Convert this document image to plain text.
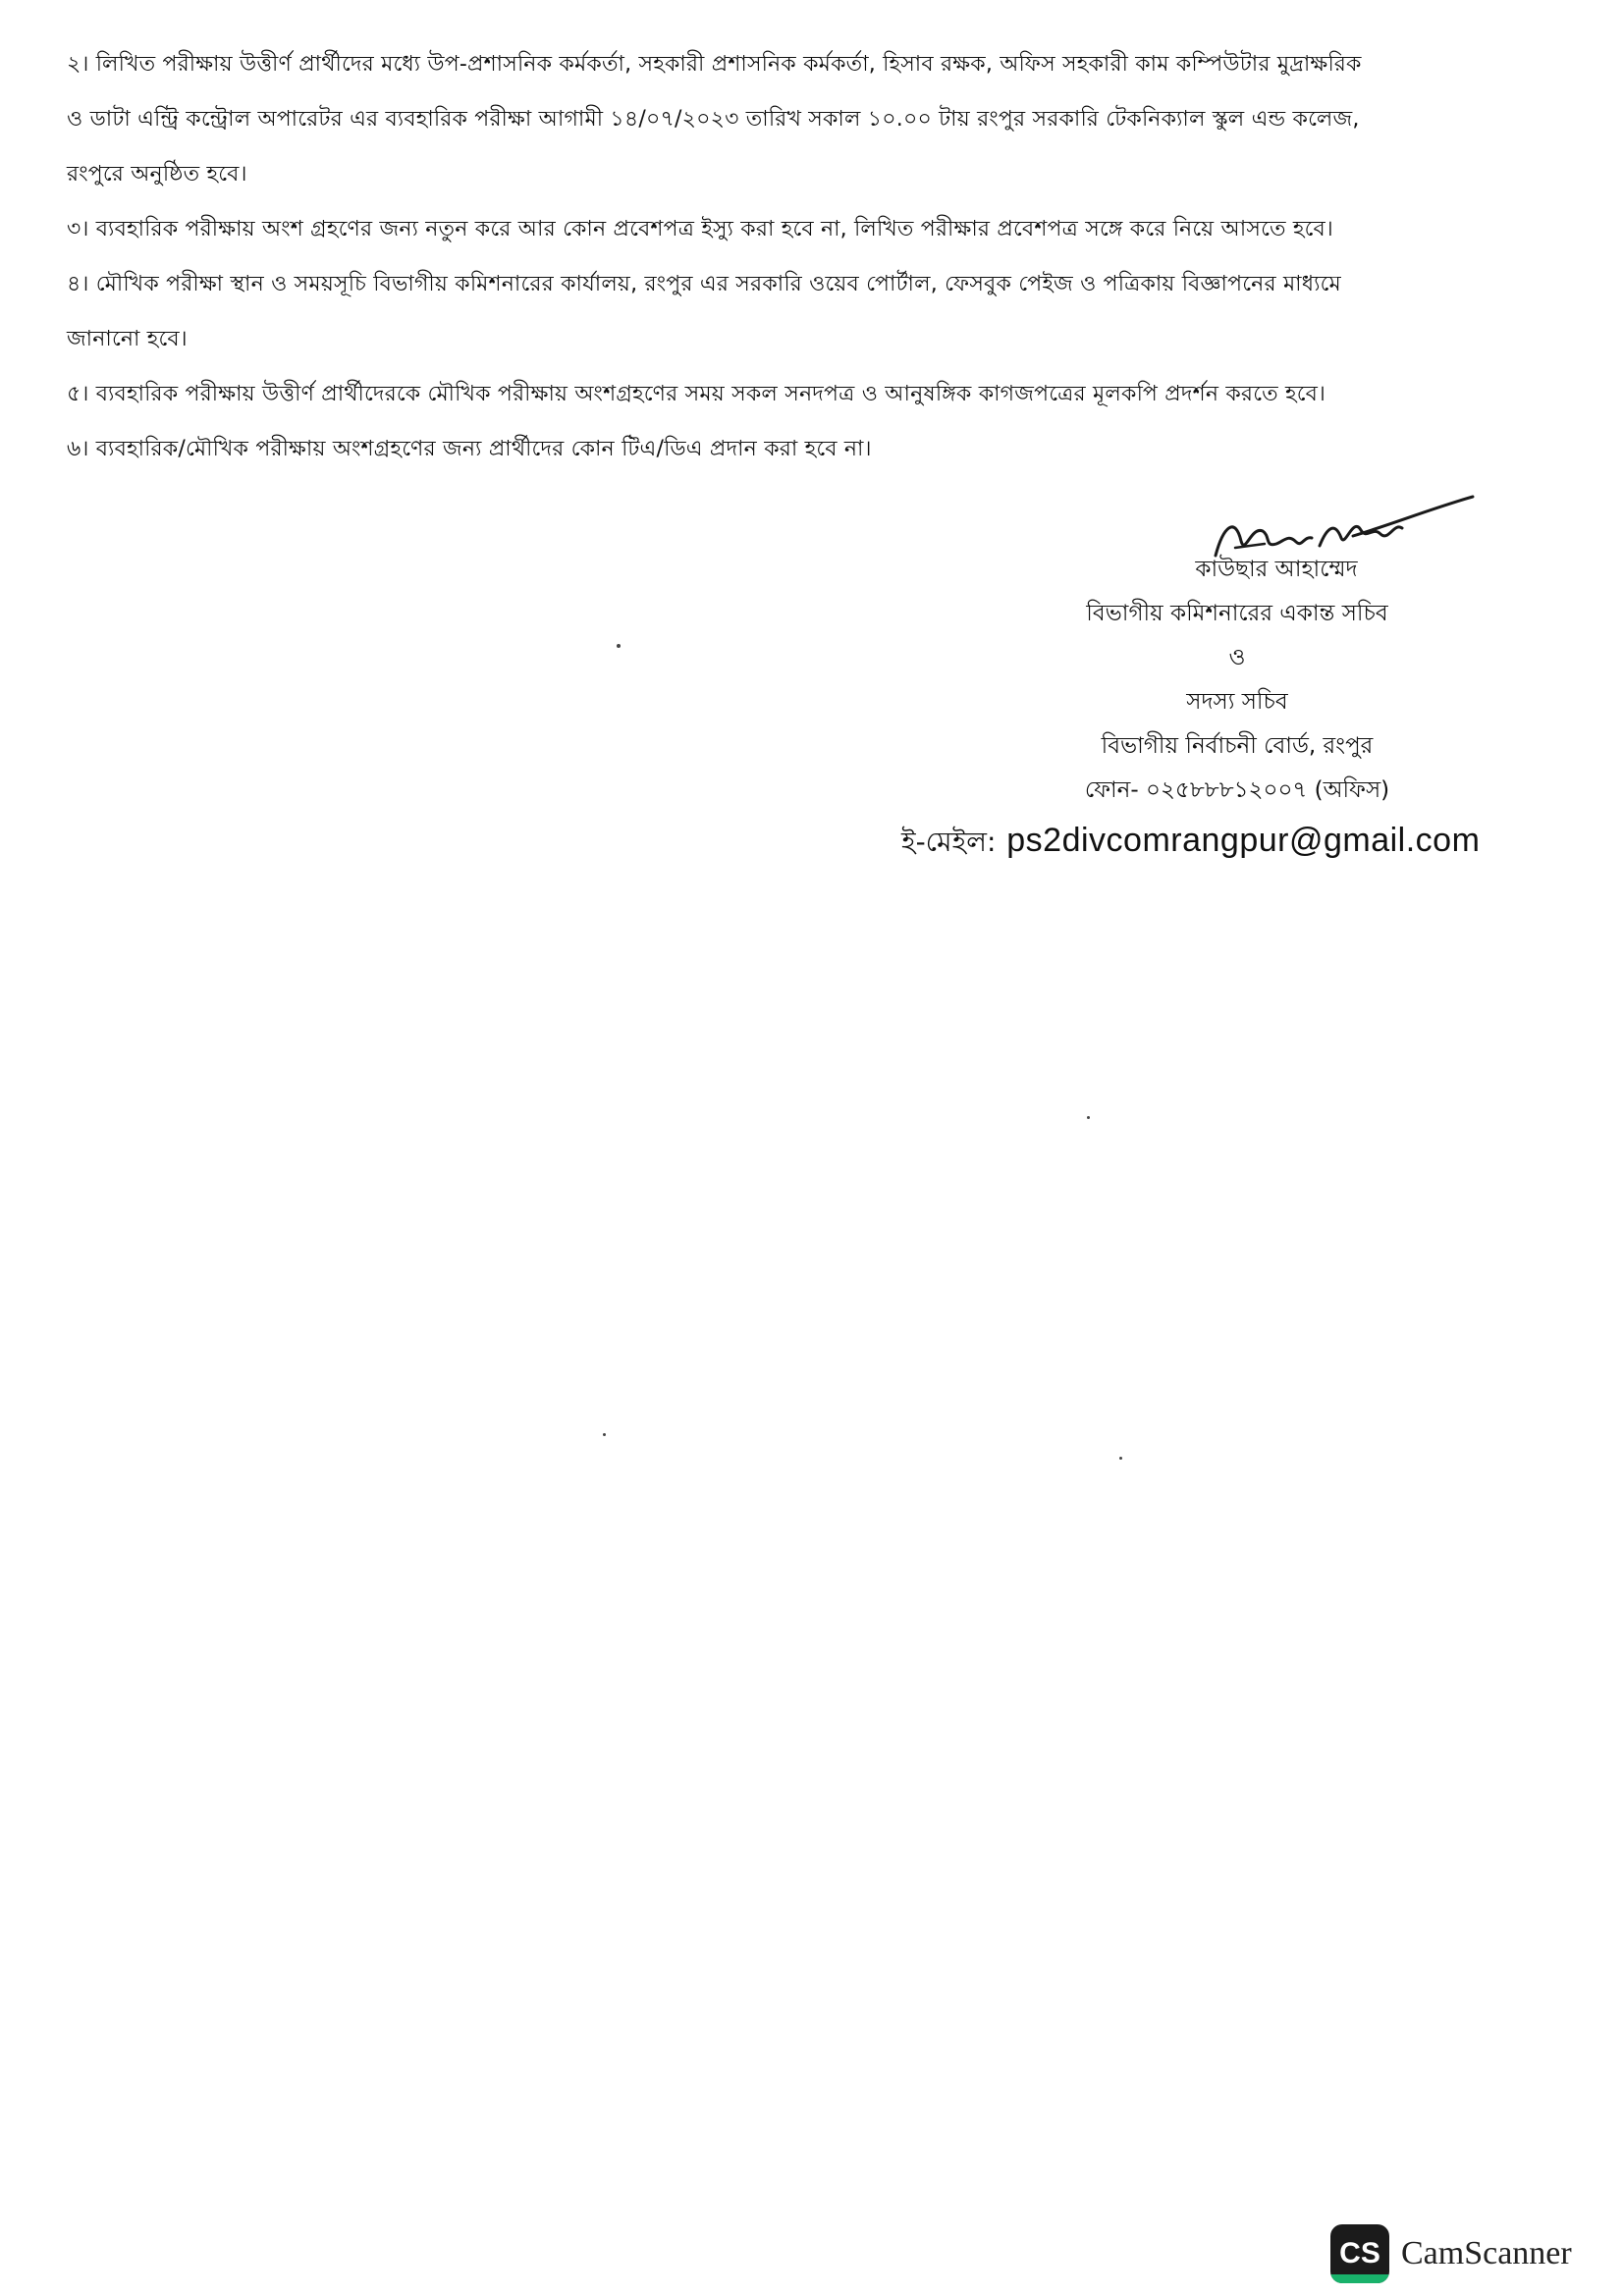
২। লিখিত পরীক্ষায় উত্তীর্ণ প্রার্থীদের মধ্যে উপ-প্রশাসনিক কর্মকর্তা, সহকারী প্রশাসনিক কর্মকর্তা, হিসাব রক্ষক, অফিস সহকারী কাম কম্পিউটার মুদ্রাক্ষরিক
ও ডাটা এন্ট্রি কন্ট্রোল অপারেটর এর ব্যবহারিক পরীক্ষা আগামী ১৪/০৭/২০২৩ তারিখ সকাল ১০.০০ টায় রংপুর সরকারি টেকনিক্যাল স্কুল এন্ড কলেজ,
রংপুরে অনুষ্ঠিত হবে।

৩। ব্যবহারিক পরীক্ষায় অংশ গ্রহণের জন্য নতুন করে আর কোন প্রবেশপত্র ইস্যু করা হবে না, লিখিত পরীক্ষার প্রবেশপত্র সঙ্গে করে নিয়ে আসতে হবে।

৪। মৌখিক পরীক্ষা স্থান ও সময়সূচি বিভাগীয় কমিশনারের কার্যালয়, রংপুর এর সরকারি ওয়েব পোর্টাল, ফেসবুক পেইজ ও পত্রিকায় বিজ্ঞাপনের মাধ্যমে
জানানো হবে।

৫। ব্যবহারিক পরীক্ষায় উত্তীর্ণ প্রার্থীদেরকে মৌখিক পরীক্ষায় অংশগ্রহণের সময় সকল সনদপত্র ও আনুষঙ্গিক কাগজপত্রের মূলকপি প্রদর্শন করতে হবে।

৬। ব্যবহারিক/মৌখিক পরীক্ষায় অংশগ্রহণের জন্য প্রার্থীদের কোন টিএ/ডিএ প্রদান করা হবে না।

কাউছার আহাম্মেদ
বিভাগীয় কমিশনারের একান্ত সচিব
ও
সদস্য সচিব
বিভাগীয় নির্বাচনী বোর্ড, রংপুর
ফোন- ০২৫৮৮৮১২০০৭ (অফিস)
ই-মেইল: ps2divcomrangpur@gmail.com
CS CamScanner
